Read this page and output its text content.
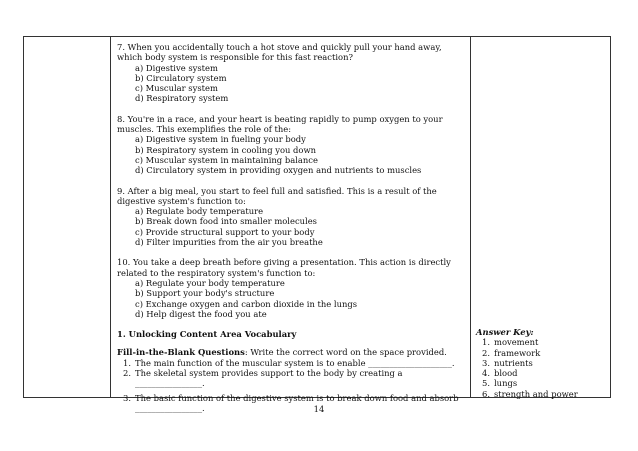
7. When you accidentally touch a hot stove and quickly pull your hand away, which body system is responsible for this fast reaction?

a) Digestive system
b) Circulatory system
c) Muscular system
d) Respiratory system

8. You're in a race, and your heart is beating rapidly to pump oxygen to your muscles. This exemplifies the role of the:

a) Digestive system in fueling your body
b) Respiratory system in cooling you down
c) Muscular system in maintaining balance
d) Circulatory system in providing oxygen and nutrients to muscles

9. After a big meal, you start to feel full and satisfied. This is a result of the digestive system's function to:

a) Regulate body temperature
b) Break down food into smaller molecules
c) Provide structural support to your body
d) Filter impurities from the air you breathe

10. You take a deep breath before giving a presentation. This action is directly related to the respiratory system's function to:

a) Regulate your body temperature
b) Support your body's structure
c) Exchange oxygen and carbon dioxide in the lungs
d) Help digest the food you ate
1. Unlocking Content Area Vocabulary

Fill-in-the-Blank Questions: Write the correct word on the space provided.

1. The main function of the muscular system is to enable ____________________.
2. The skeletal system provides support to the body by creating a ________________.
3. The basic function of the digestive system is to break down food and absorb ________________.
Answer Key:
1. movement
2. framework
3. nutrients
4. blood
5. lungs
6. strength and power
14
